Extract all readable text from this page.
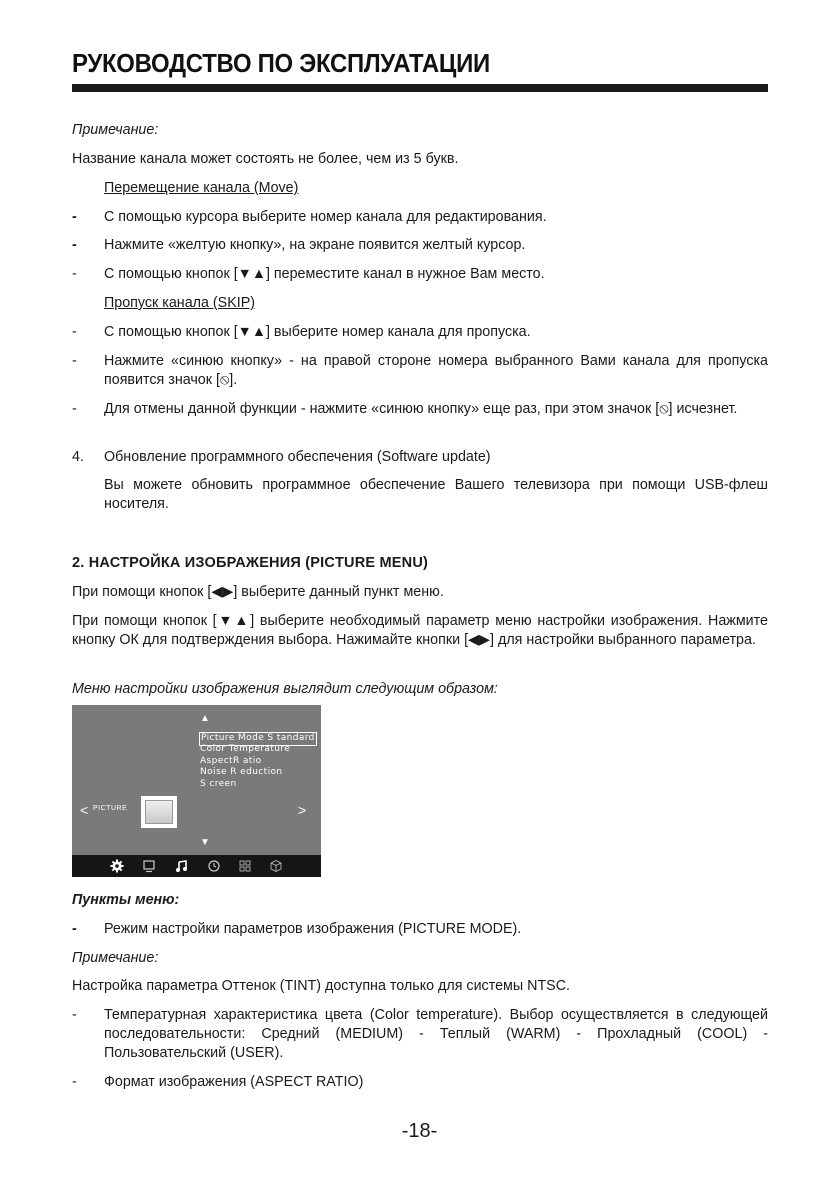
РУКОВОДСТВО ПО ЭКСПЛУАТАЦИИ
Примечание:
Название канала может состоять не более, чем из 5 букв.
Перемещение канала (Move)
- С помощью курсора выберите номер канала для редактирования.
- Нажмите «желтую кнопку», на экране появится желтый курсор.
- С помощью кнопок [▼▲] переместите канал в нужное Вам место.
Пропуск канала (SKIP)
- С помощью кнопок [▼▲] выберите номер канала для пропуска.
- Нажмите «синюю кнопку» - на правой стороне номера выбранного Вами канала для пропуска появится значок [⦸].
- Для отмены данной функции - нажмите «синюю кнопку» еще раз, при этом значок [⦸] исчезнет.
4. Обновление программного обеспечения (Software update)
Вы можете обновить программное обеспечение Вашего телевизора при помощи USB-флеш носителя.
2. НАСТРОЙКА ИЗОБРАЖЕНИЯ (PICTURE MENU)
При помощи кнопок [◀▶] выберите данный пункт меню.
При помощи кнопок [▼▲] выберите необходимый параметр меню настройки изображения. Нажмите кнопку ОК для подтверждения выбора. Нажимайте кнопки [◀▶] для настройки выбранного параметра.
Меню настройки изображения выглядит следующим образом:
▲
Picture Mode S tandard
Color Temperature
AspectR atio
Noise R eduction
S creen
< PICTURE	>
▼
Пункты меню:
- Режим настройки параметров изображения (PICTURE MODE).
Примечание:
Настройка параметра Оттенок (TINT) доступна только для системы NTSC.
- Температурная характеристика цвета (Color temperature). Выбор осуществляется в следующей последовательности: Средний (MEDIUM) - Теплый (WARM) - Прохладный (COOL) - Пользовательский (USER).
- Формат изображения (ASPECT RATIO)
-18-
